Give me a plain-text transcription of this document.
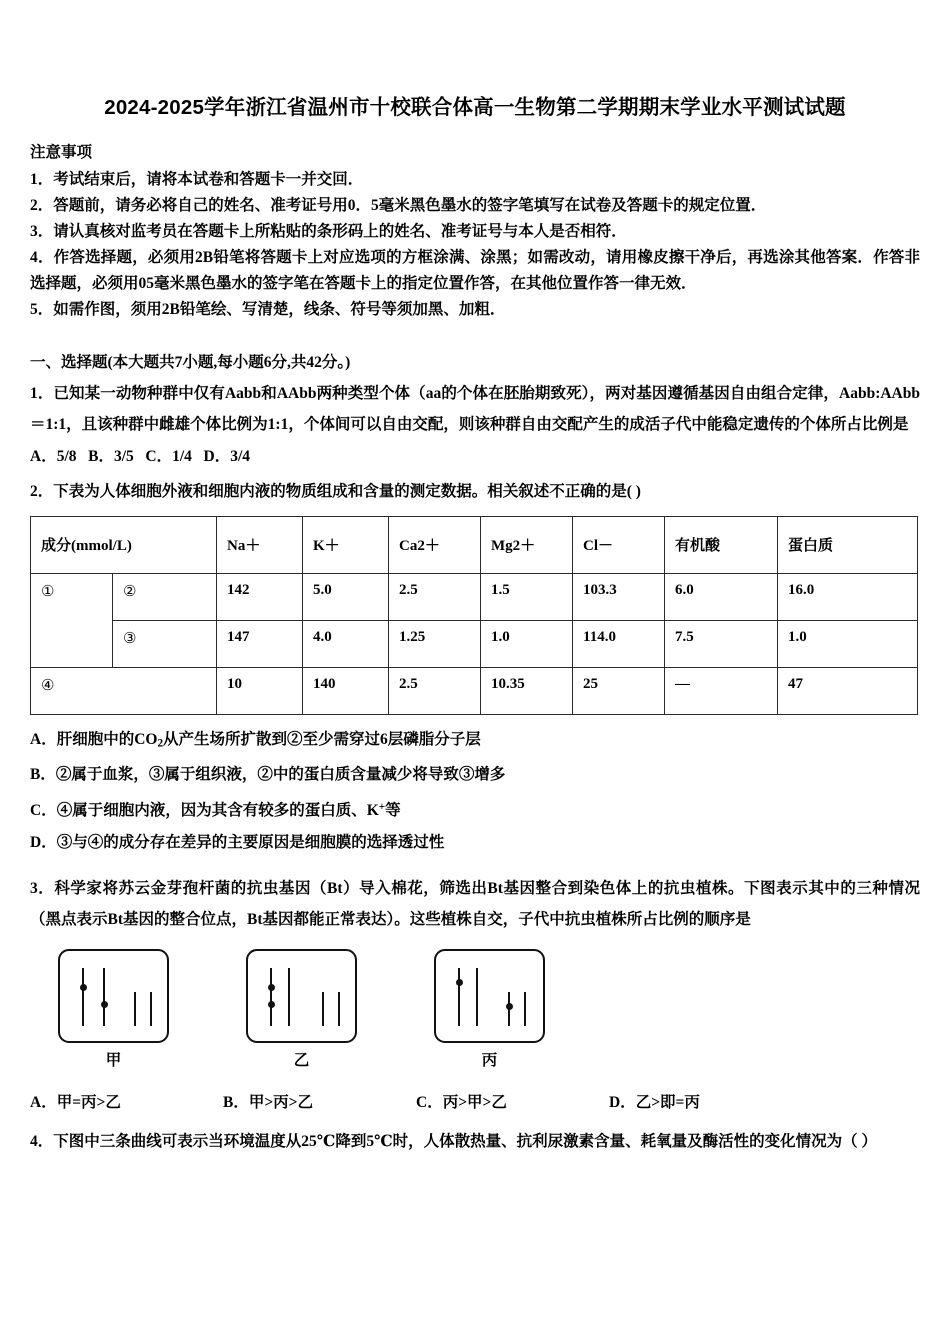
2024-2025学年浙江省温州市十校联合体高一生物第二学期期末学业水平测试试题
注意事项
1．考试结束后，请将本试卷和答题卡一并交回．
2．答题前，请务必将自己的姓名、准考证号用0．5毫米黑色墨水的签字笔填写在试卷及答题卡的规定位置．
3．请认真核对监考员在答题卡上所粘贴的条形码上的姓名、准考证号与本人是否相符．
4．作答选择题，必须用2B铅笔将答题卡上对应选项的方框涂满、涂黑；如需改动，请用橡皮擦干净后，再选涂其他答案．作答非选择题，必须用05毫米黑色墨水的签字笔在答题卡上的指定位置作答，在其他位置作答一律无效．
5．如需作图，须用2B铅笔绘、写清楚，线条、符号等须加黑、加粗．
一、选择题(本大题共7小题,每小题6分,共42分。)
1．已知某一动物种群中仅有Aabb和AAbb两种类型个体（aa的个体在胚胎期致死），两对基因遵循基因自由组合定律，Aabb:AAbb＝1:1，且该种群中雌雄个体比例为1:1，个体间可以自由交配，则该种群自由交配产生的成活子代中能稳定遗传的个体所占比例是
A．5/8   B．3/5   C．1/4   D．3/4
2．下表为人体细胞外液和细胞内液的物质组成和含量的测定数据。相关叙述不正确的是( )
成分(mmol/L)		Na＋	K＋	Ca2＋	Mg2＋	Cl－	有机酸	蛋白质
①	②	142	5.0	2.5	1.5	103.3	6.0	16.0
	③	147	4.0	1.25	1.0	114.0	7.5	1.0
④		10	140	2.5	10.35	25	—	47
A．肝细胞中的$CO_2$从产生场所扩散到②至少需穿过6层磷脂分子层
B．②属于血浆，③属于组织液，②中的蛋白质含量减少将导致③增多
C．④属于细胞内液，因为其含有较多的蛋白质、K+等
D．③与④的成分存在差异的主要原因是细胞膜的选择透过性
3．科学家将苏云金芽孢杆菌的抗虫基因（Bt）导入棉花，筛选出Bt基因整合到染色体上的抗虫植株。下图表示其中的三种情况（黑点表示Bt基因的整合位点，Bt基因都能正常表达）。这些植株自交，子代中抗虫植株所占比例的顺序是
甲	乙	丙
A．甲=丙>乙	B．甲>丙>乙	C．丙>甲>乙	D．乙>即=丙
4．下图中三条曲线可表示当环境温度从25℃降到5℃时，人体散热量、抗利尿激素含量、耗氧量及酶活性的变化情况为（ ）
